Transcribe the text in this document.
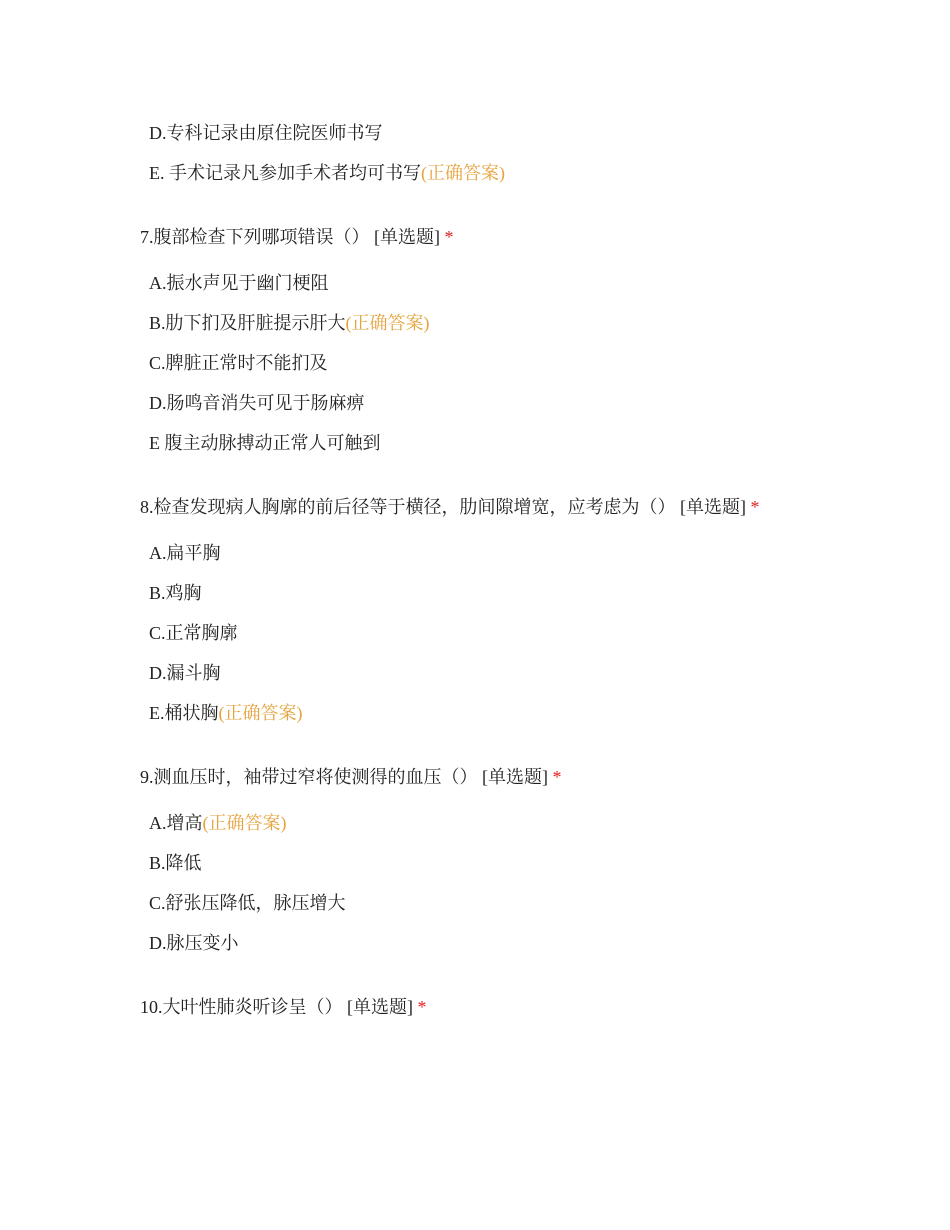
D.专科记录由原住院医师书写
E. 手术记录凡参加手术者均可书写(正确答案)
7.腹部检查下列哪项错误（） [单选题] *
A.振水声见于幽门梗阻
B.肋下扪及肝脏提示肝大(正确答案)
C.脾脏正常时不能扪及
D.肠鸣音消失可见于肠麻痹
E 腹主动脉搏动正常人可触到
8.检查发现病人胸廓的前后径等于横径，肋间隙增宽，应考虑为（） [单选题] *
A.扁平胸
B.鸡胸
C.正常胸廓
D.漏斗胸
E.桶状胸(正确答案)
9.测血压时，袖带过窄将使测得的血压（） [单选题] *
A.增高(正确答案)
B.降低
C.舒张压降低，脉压增大
D.脉压变小
10.大叶性肺炎听诊呈（） [单选题] *
